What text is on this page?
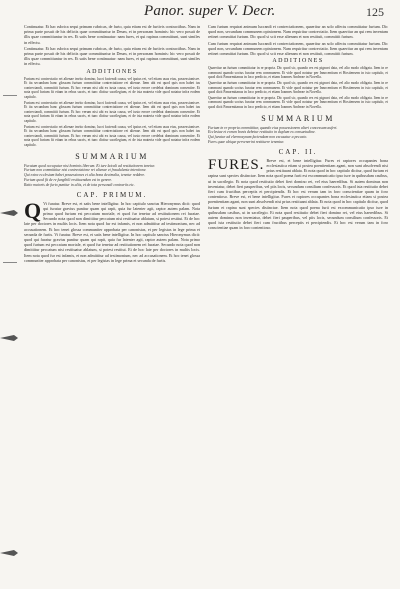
Panor. super V. Decr.	125

Continuatur. Et hac rubrica sequi primam rubricas, de furto, quia etiam est de furtivis contractibus. Nam in prima parte posuit de his delictis quae committuntur in Deum, et in personam hominis: hic vero posuit de illis quae committuntur in res. Et satis bene continuatur: nam fures, et qui rapinas committunt, sunt similes in effectu.

Continuatur. Et hac rubrica sequi primam rubricas, de furto, quia etiam est de furtivis contractibus. Nam in prima parte posuit de his delictis quae committuntur in Deum, et in personam hominis: hic vero posuit de illis quae committuntur in res. Et satis bene continuatur: nam fures, et qui rapinas committunt, sunt similes in effectu.

ADDITIONES

Furtum est contrectatio rei alienae invito domino, lucri faciendi causa, vel ipsius rei, vel etiam usus eius, possessionisve. Et ita secundum hanc glossam furtum committitur contrectatione rei alienae. Item ubi est quod quis non habet ius contrectandi, committit furtum. Et hoc verum nisi ubi ex iusta causa, vel iusto errore credebat dominum consentire. Et nota quod furtum fit etiam in rebus sacris, et tunc dicitur sacrilegium, et de ista materia vide quod notatur infra eodem capitulo.

Furtum est contrectatio rei alienae invito domino, lucri faciendi causa, vel ipsius rei, vel etiam usus eius, possessionisve. Et ita secundum hanc glossam furtum committitur contrectatione rei alienae. Item ubi est quod quis non habet ius contrectandi, committit furtum. Et hoc verum nisi ubi ex iusta causa, vel iusto errore credebat dominum consentire. Et nota quod furtum fit etiam in rebus sacris, et tunc dicitur sacrilegium, et de ista materia vide quod notatur infra eodem capitulo.

Furtum est contrectatio rei alienae invito domino, lucri faciendi causa, vel ipsius rei, vel etiam usus eius, possessionisve. Et ita secundum hanc glossam furtum committitur contrectatione rei alienae. Item ubi est quod quis non habet ius contrectandi, committit furtum. Et hoc verum nisi ubi ex iusta causa, vel iusto errore credebat dominum consentire. Et nota quod furtum fit etiam in rebus sacris, et tunc dicitur sacrilegium, et de ista materia vide quod notatur infra eodem capitulo.

SUMMARIUM
Furatum quod occupatur nisi hominis liberum. Et iure laicali ad restitutionem tenetur.
Furtum non committitur nisi contrectatione rei alienae et fraudulenta intentione.
Qui extra ecclesiam habet possessiones et alia bona decimalia, tenetur reddere.
Furtum quod fit de re fungibili restituendum est in genere.
Ratio maioris de furto punitur in aliis, et de tota personali contrariis etc.
CAP. PRIMUM.
Q Vi furatur. Breve est, et satis bene intelligitur. In hoc capitulo sanctus Hieronymus dicit: quod qui furatur gravius punitur quam qui rapit, quia fur latenter agit, raptor autem palam. Nota primo quod furtum est peccatum mortale, et quod fur tenetur ad restitutionem rei furatae. Secundo nota quod non dimittitur peccatum nisi restituatur ablatum, si potest restitui. Et de hoc late per doctores in multis locis. Item nota quod fur est infamis, et non admittitur ad testimonium, nec ad accusationem. Et hoc tenet glossa communiter approbata per canonistas, et per legistas in lege prima et secunda de furtis. Vi furatur. Breve est, et satis bene intelligitur. In hoc capitulo sanctus Hieronymus dicit: quod qui furatur gravius punitur quam qui rapit, quia fur latenter agit, raptor autem palam. Nota primo quod furtum est peccatum mortale, et quod fur tenetur ad restitutionem rei furatae. Secundo nota quod non dimittitur peccatum nisi restituatur ablatum, si potest restitui. Et de hoc late per doctores in multis locis. Item nota quod fur est infamis, et non admittitur ad testimonium, nec ad accusationem. Et hoc tenet glossa communiter approbata per canonistas, et per legistas in lege prima et secunda de furtis.

Cum furtum requirat animum lucrandi et contrectationem, quaeritur an solo affectu committatur furtum. Dic quod non, secundum communem opinionem. Nam requiritur contrectatio. Item quaeritur an qui rem inventam retinet committat furtum. Dic quod si scit esse alienam et non restituit, committit furtum.

Cum furtum requirat animum lucrandi et contrectationem, quaeritur an solo affectu committatur furtum. Dic quod non, secundum communem opinionem. Nam requiritur contrectatio. Item quaeritur an qui rem inventam retinet committat furtum. Dic quod si scit esse alienam et non restituit, committit furtum.

ADDITIONES

Quaeritur an furtum committatur in re propria. Dic quod sic, quando res est pignori data, vel alio modo obligata. Item in re communi quando socius furatur rem communem. Et vide quod notatur per Innocentium et Hostiensem in isto capitulo, et quod dicit Panormitanus in loco predicto, et etiam Ioannes Andreae in Novella.

Quaeritur an furtum committatur in re propria. Dic quod sic, quando res est pignori data, vel alio modo obligata. Item in re communi quando socius furatur rem communem. Et vide quod notatur per Innocentium et Hostiensem in isto capitulo, et quod dicit Panormitanus in loco predicto, et etiam Ioannes Andreae in Novella.

Quaeritur an furtum committatur in re propria. Dic quod sic, quando res est pignori data, vel alio modo obligata. Item in re communi quando socius furatur rem communem. Et vide quod notatur per Innocentium et Hostiensem in isto capitulo, et quod dicit Panormitanus in loco predicto, et etiam Ioannes Andreae in Novella.

SUMMARIUM
Furtum in re propria committitur, quando eius possessionem alteri concessam aufert.
Ecclesiae et eorum bonis debetur restitutio in duplum ex consuetudine.
Qui furatur ad eleemosynam faciendam non excusatur a peccato.
Fures quae ubique pervenerint restituere tenentur.
CAP. II.
FURES. Breve est, et bene intelligitur. Fures et raptores occupantes bona ecclesiastica etiam si postea poenitentiam agant, non sunt absolvendi nisi prius restituant ablata. Et nota quod in hoc capitulo dicitur, quod furtum et rapina sunt species distinctae. Item nota quod poena furti est excommunicatio ipso iure in quibusdam casibus, ut in sacrilegio. Et nota quod restitutio debet fieri domino rei, vel eius haeredibus. Si autem dominus non inveniatur, debet fieri pauperibus, vel piis locis, secundum consilium confessoris. Et quod ista restitutio debet fieri cum fructibus perceptis et percipiendis. Et hoc est verum tam in foro conscientiae quam in foro contentioso. Breve est, et bene intelligitur. Fures et raptores occupantes bona ecclesiastica etiam si postea poenitentiam agant, non sunt absolvendi nisi prius restituant ablata. Et nota quod in hoc capitulo dicitur, quod furtum et rapina sunt species distinctae. Item nota quod poena furti est excommunicatio ipso iure in quibusdam casibus, ut in sacrilegio. Et nota quod restitutio debet fieri domino rei, vel eius haeredibus. Si autem dominus non inveniatur, debet fieri pauperibus, vel piis locis, secundum consilium confessoris. Et quod ista restitutio debet fieri cum fructibus perceptis et percipiendis. Et hoc est verum tam in foro conscientiae quam in foro contentioso.
